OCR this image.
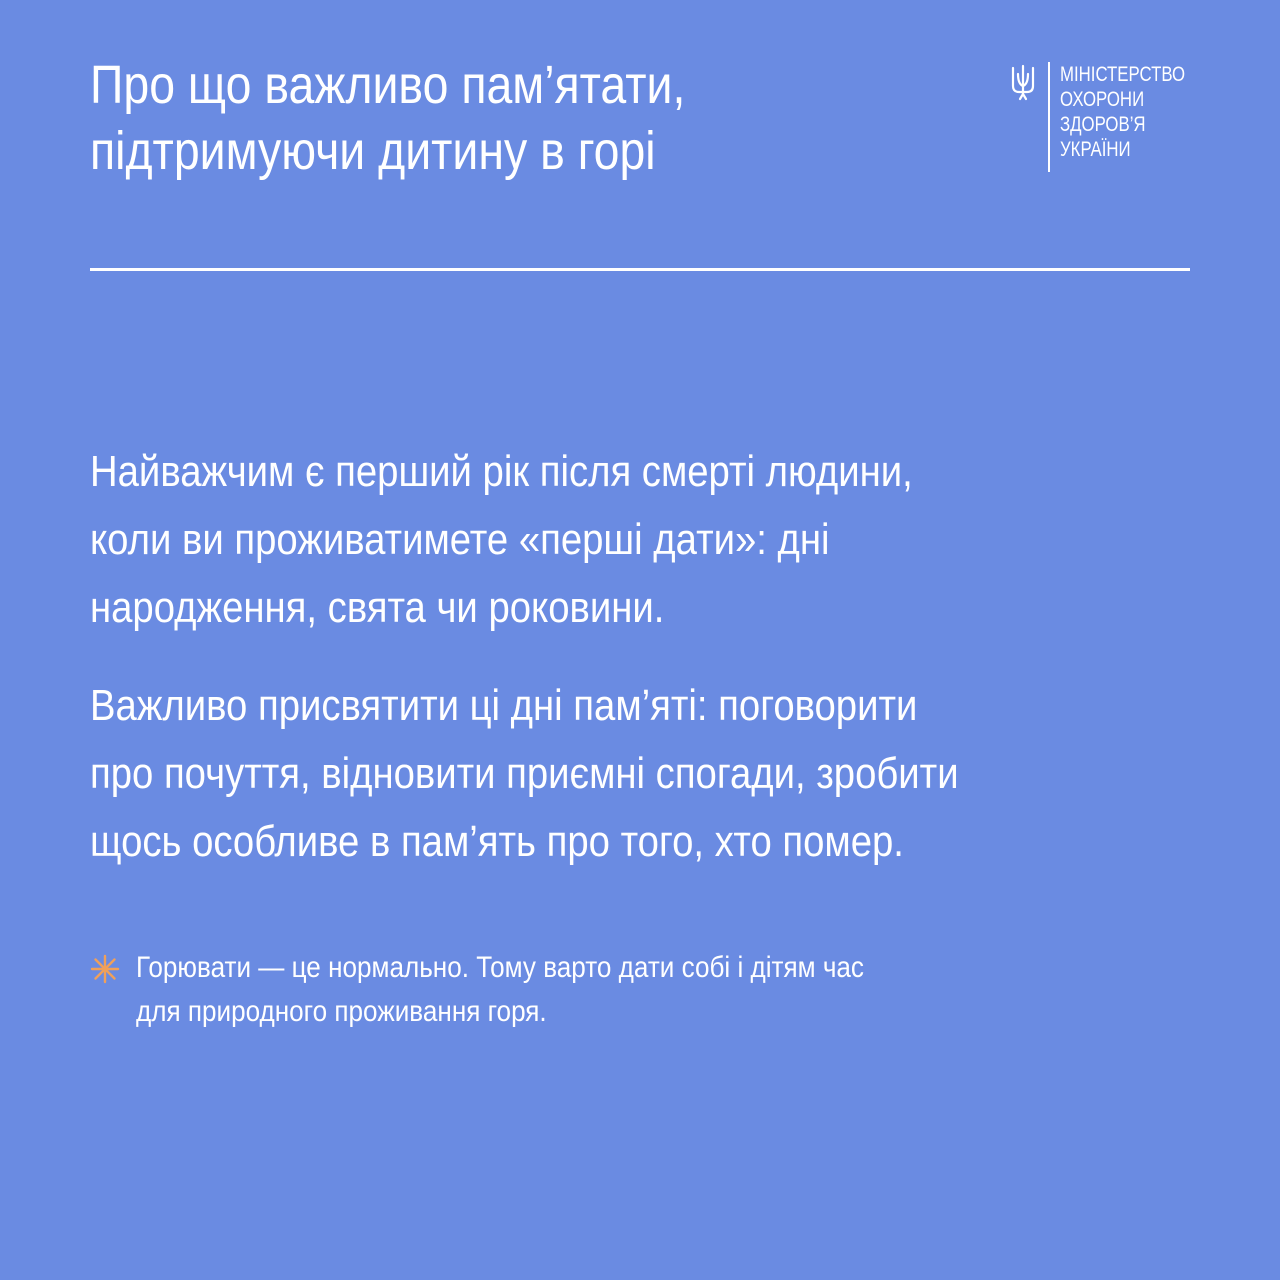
Про що важливо пам’ятати,
підтримуючи дитину в горі
МІНІСТЕРСТВО
ОХОРОНИ
ЗДОРОВ’Я
УКРАЇНИ

Найважчим є перший рік після смерті людини,
коли ви проживатимете «перші дати»: дні
народження, свята чи роковини.

Важливо присвятити ці дні пам’яті: поговорити
про почуття, відновити приємні спогади, зробити
щось особливе в пам’ять про того, хто помер.

Горювати — це нормально. Тому варто дати собі і дітям час
для природного проживання горя.
